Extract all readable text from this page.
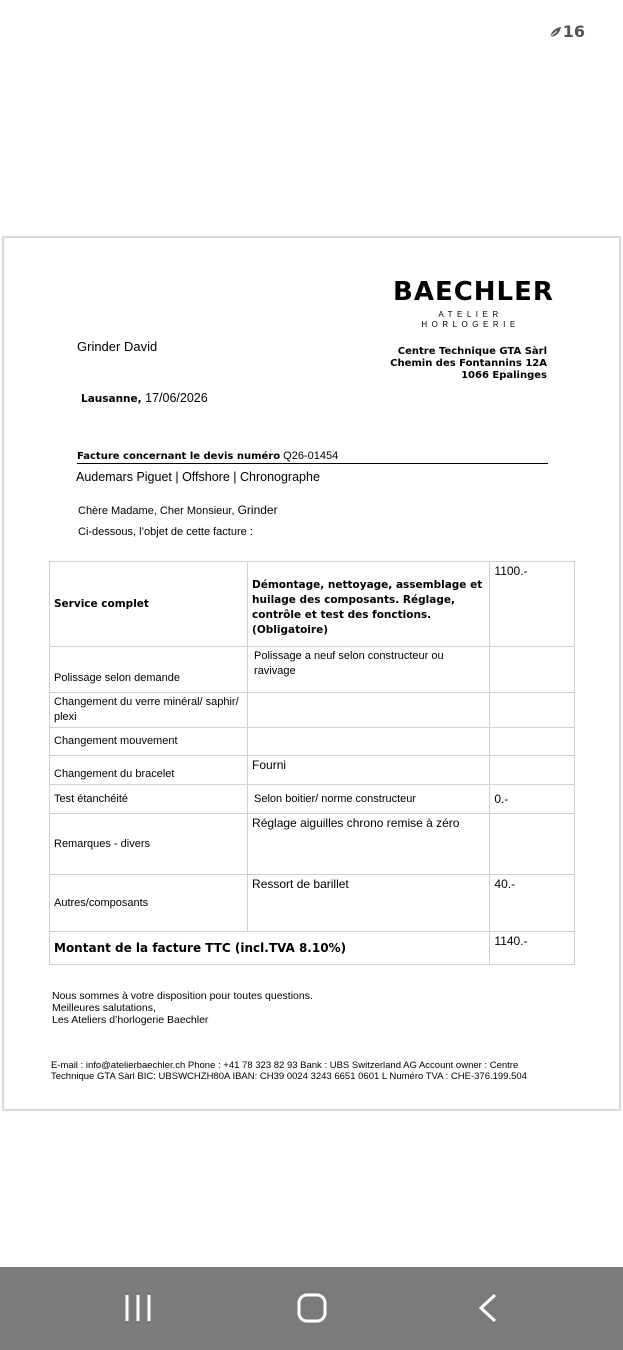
16
BAECHLER
ATELIER
HORLOGERIE
Grinder David	Centre Technique GTA Sàrl
Chemin des Fontannins 12A
1066 Epalinges
Lausanne, 17/06/2026
Facture concernant le devis numéro Q26-01454
Audemars Piguet | Offshore | Chronographe
Chère Madame, Cher Monsieur, Grinder
Ci-dessous, l’objet de cette facture :
Service complet	Démontage, nettoyage, assemblage et huilage des composants. Réglage, contrôle et test des fonctions. (Obligatoire)	1100.-
Polissage selon demande	Polissage a neuf selon constructeur ou ravivage	
Changement du verre minéral/ saphir/ plexi		
Changement mouvement		
Changement du bracelet	Fourni	
Test étanchéité	Selon boitier/ norme constructeur	0.-
Remarques - divers	Réglage aiguilles chrono remise à zéro	
Autres/composants	Ressort de barillet	40.-
Montant de la facture TTC (incl.TVA 8.10%)		1140.-
Nous sommes à votre disposition pour toutes questions.
Meilleures salutations,
Les Ateliers d’horlogerie Baechler
E-mail : info@atelierbaechler.ch Phone : +41 78 323 82 93 Bank : UBS Switzerland AG Account owner : Centre
Technique GTA Sàrl BIC: UBSWCHZH80A IBAN: CH39 0024 3243 6651 0601 L Numéro TVA : CHE-376.199.504
